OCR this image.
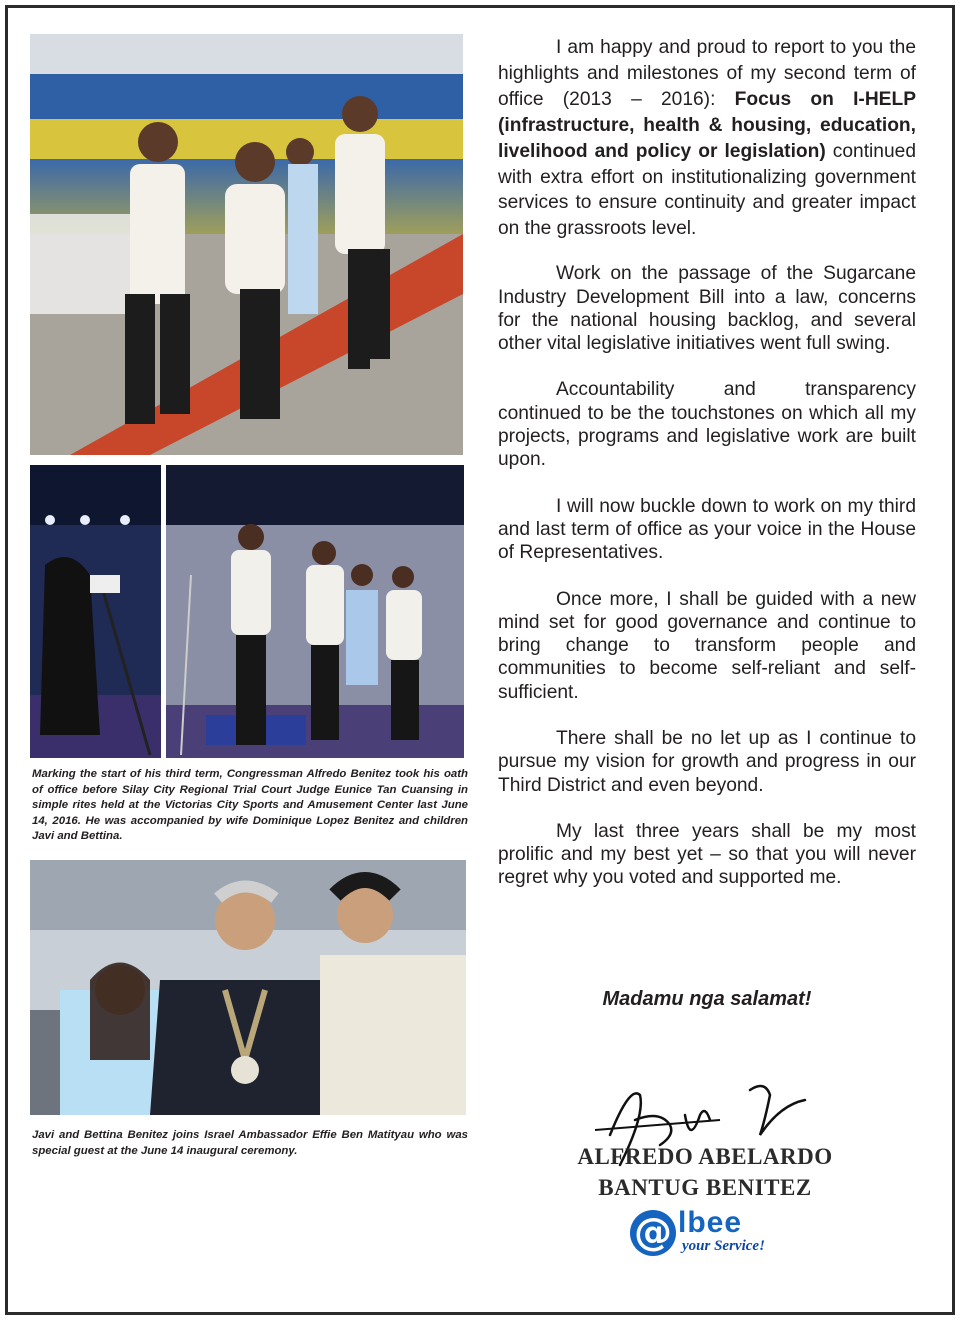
Marking the start of his third term, Congressman Alfredo Benitez took his oath of office before Silay City Regional Trial Court Judge Eunice Tan Cuansing in simple rites held at the Victorias City Sports and Amusement Center last June 14, 2016. He was accompanied by wife Dominique Lopez Benitez and children Javi and Bettina.
Javi and Bettina Benitez joins Israel Ambassador Effie Ben Matityau who was special guest at the June 14 inaugural ceremony.

I am happy and proud to report to you the highlights and milestones of my second term of office (2013 – 2016): Focus on I-HELP (infrastructure, health & housing, education, livelihood and policy or legislation) continued with extra effort on institutionalizing government services to ensure continuity and greater impact on the grassroots level.

Work on the passage of the Sugarcane Industry Development Bill into a law, concerns for the national housing backlog, and several other vital legislative initiatives went full swing.

Accountability and transparency continued to be the touchstones on which all my projects, programs and legislative work are built upon.

I will now buckle down to work on my third and last term of office as your voice in the House of Representatives.

Once more, I shall be guided with a new mind set for good governance and continue to bring change to transform people and communities to become self-reliant and self-sufficient.

There shall be no let up as I continue to pursue my vision for growth and progress in our Third District and even beyond.

My last three years shall be my most prolific and my best yet – so that you will never regret why you voted and supported me.

Madamu nga salamat!
ALFREDO ABELARDO
BANTUG BENITEZ
@ lbee
your Service!
